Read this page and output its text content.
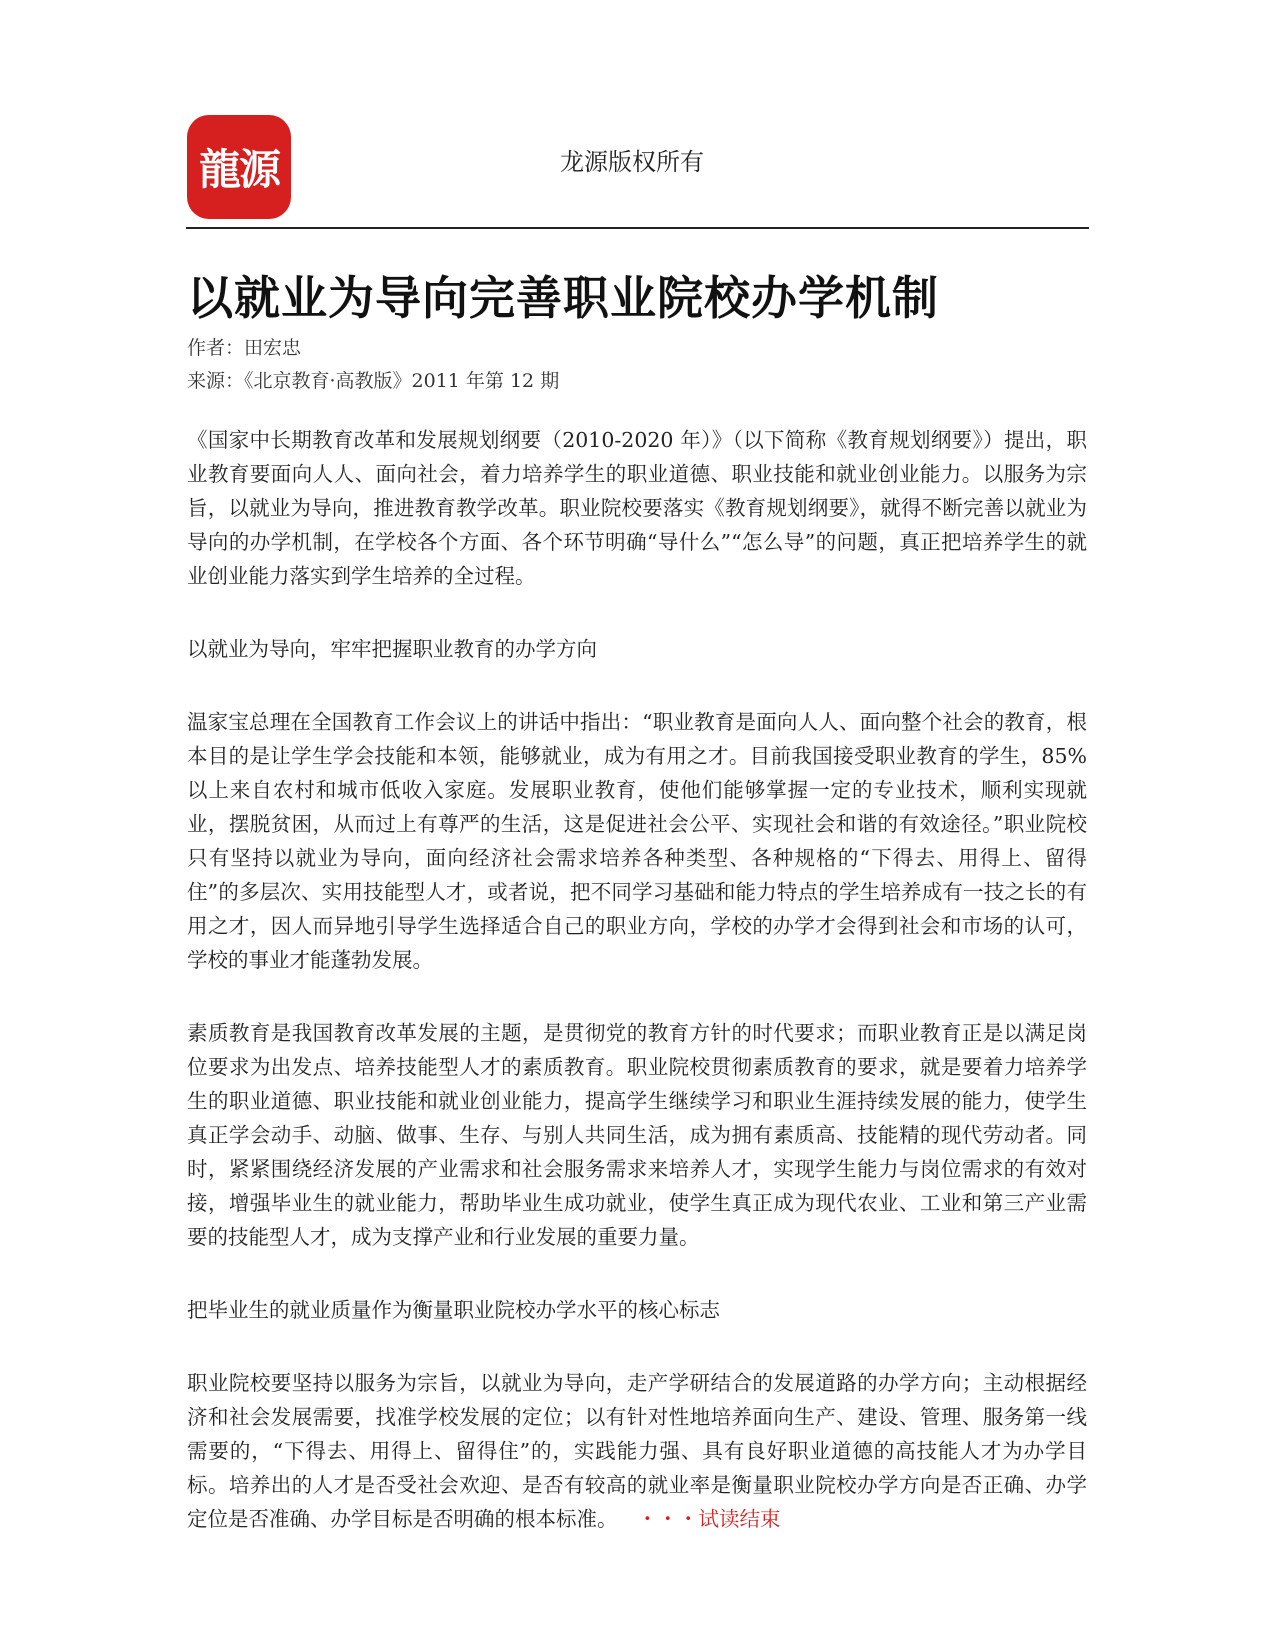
龍源	龙源版权所有
以就业为导向完善职业院校办学机制
作者：田宏忠
来源：《北京教育·高教版》2011 年第 12 期

《国家中长期教育改革和发展规划纲要（2010-2020 年）》（以下简称《教育规划纲要》）提出，职业教育要面向人人、面向社会，着力培养学生的职业道德、职业技能和就业创业能力。以服务为宗旨，以就业为导向，推进教育教学改革。职业院校要落实《教育规划纲要》，就得不断完善以就业为导向的办学机制，在学校各个方面、各个环节明确“导什么”“怎么导”的问题，真正把培养学生的就业创业能力落实到学生培养的全过程。

以就业为导向，牢牢把握职业教育的办学方向

温家宝总理在全国教育工作会议上的讲话中指出：“职业教育是面向人人、面向整个社会的教育，根本目的是让学生学会技能和本领，能够就业，成为有用之才。目前我国接受职业教育的学生，85%以上来自农村和城市低收入家庭。发展职业教育，使他们能够掌握一定的专业技术，顺利实现就业，摆脱贫困，从而过上有尊严的生活，这是促进社会公平、实现社会和谐的有效途径。”职业院校只有坚持以就业为导向，面向经济社会需求培养各种类型、各种规格的“下得去、用得上、留得住”的多层次、实用技能型人才，或者说，把不同学习基础和能力特点的学生培养成有一技之长的有用之才，因人而异地引导学生选择适合自己的职业方向，学校的办学才会得到社会和市场的认可，学校的事业才能蓬勃发展。

素质教育是我国教育改革发展的主题，是贯彻党的教育方针的时代要求；而职业教育正是以满足岗位要求为出发点、培养技能型人才的素质教育。职业院校贯彻素质教育的要求，就是要着力培养学生的职业道德、职业技能和就业创业能力，提高学生继续学习和职业生涯持续发展的能力，使学生真正学会动手、动脑、做事、生存、与别人共同生活，成为拥有素质高、技能精的现代劳动者。同时，紧紧围绕经济发展的产业需求和社会服务需求来培养人才，实现学生能力与岗位需求的有效对接，增强毕业生的就业能力，帮助毕业生成功就业，使学生真正成为现代农业、工业和第三产业需要的技能型人才，成为支撑产业和行业发展的重要力量。

把毕业生的就业质量作为衡量职业院校办学水平的核心标志

职业院校要坚持以服务为宗旨，以就业为导向，走产学研结合的发展道路的办学方向；主动根据经济和社会发展需要，找准学校发展的定位；以有针对性地培养面向生产、建设、管理、服务第一线需要的，“下得去、用得上、留得住”的，实践能力强、具有良好职业道德的高技能人才为办学目标。培养出的人才是否受社会欢迎、是否有较高的就业率是衡量职业院校办学方向是否正确、办学定位是否准确、办学目标是否明确的根本标准。 ・・・试读结束
